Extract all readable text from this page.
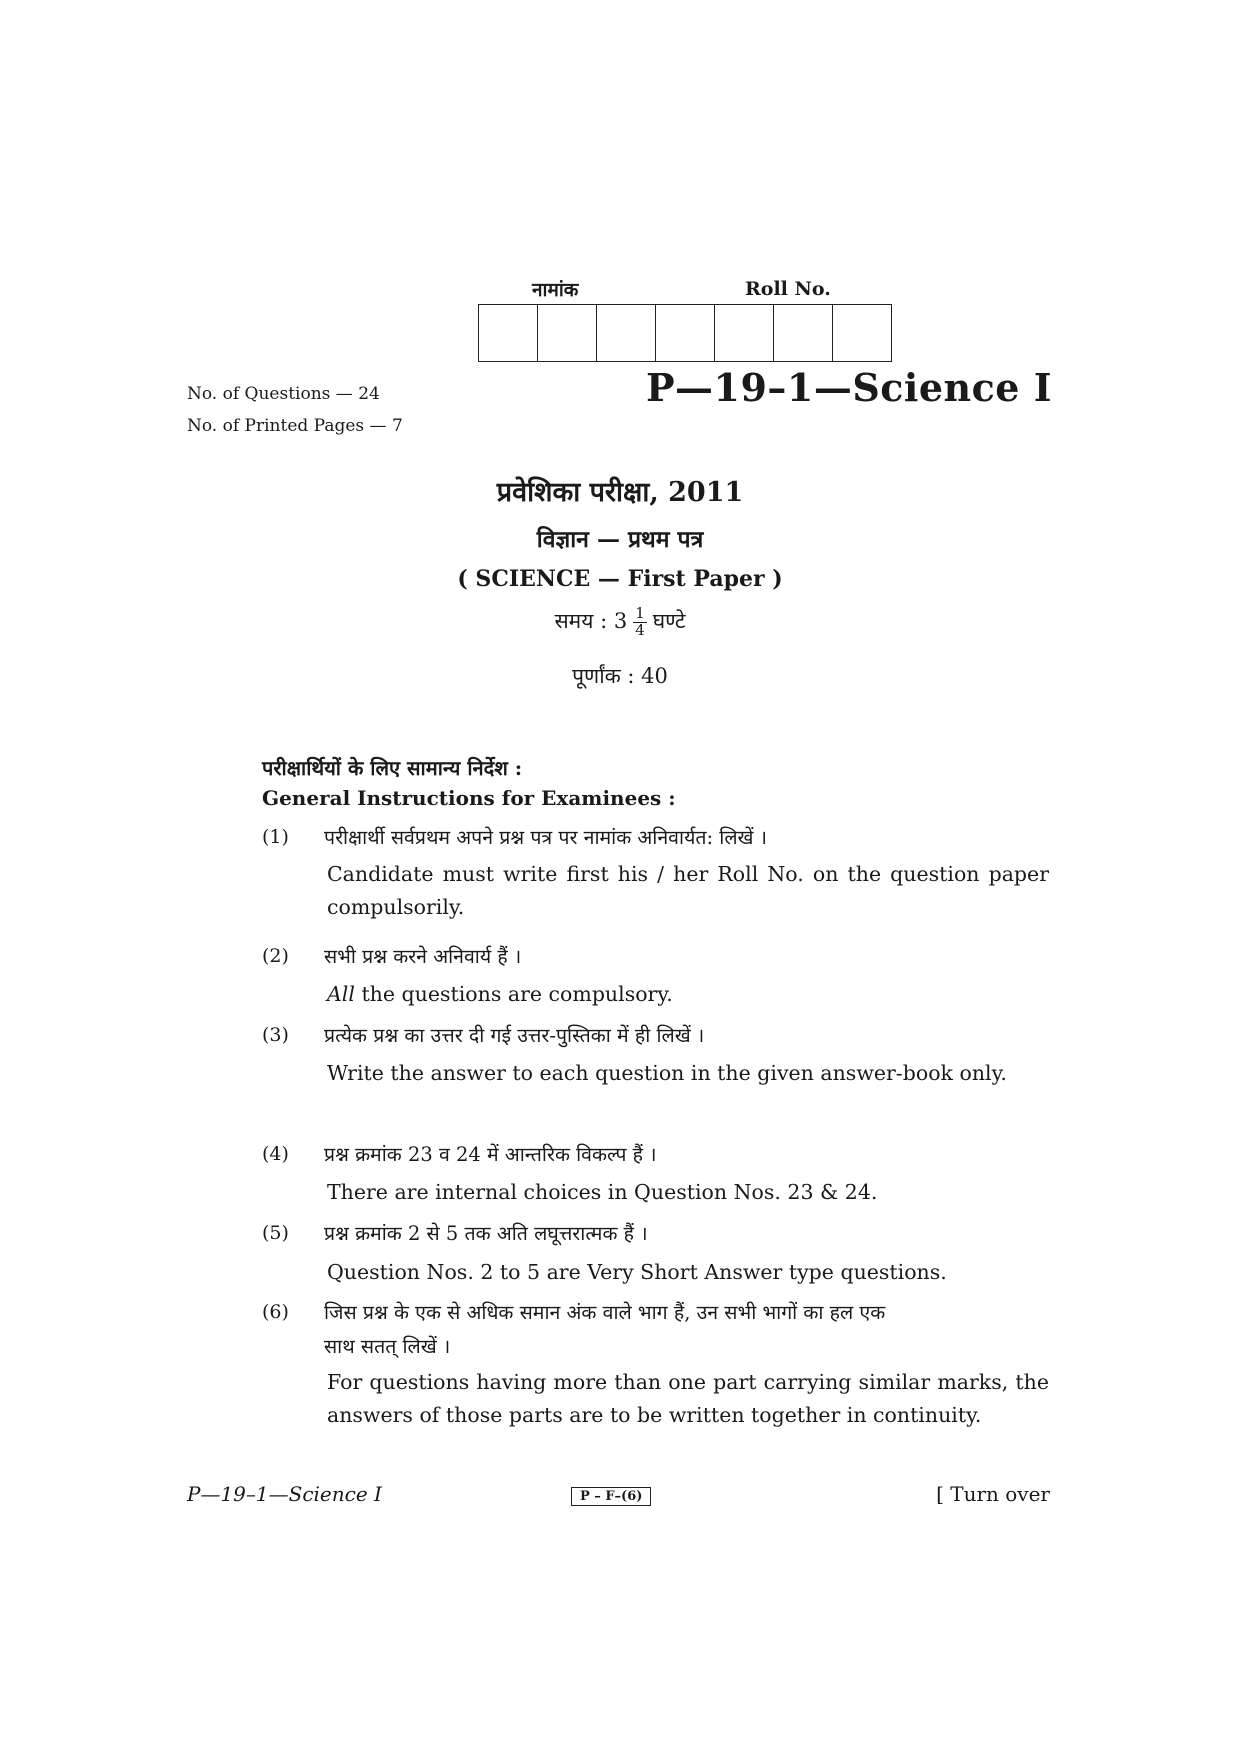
नामांक	Roll No.
No. of Questions — 24
No. of Printed Pages — 7
P—19–1—Science I
प्रवेशिका परीक्षा, 2011
विज्ञान — प्रथम पत्र
( SCIENCE — First Paper )
समय : $3 \frac{1}{4}$ घण्टे
पूर्णांक : 40
परीक्षार्थियों के लिए सामान्य निर्देश :
General Instructions for Examinees :
(1) परीक्षार्थी सर्वप्रथम अपने प्रश्न पत्र पर नामांक अनिवार्यत: लिखें ।
Candidate must write first his / her Roll No. on the question paper compulsorily.
(2) सभी प्रश्न करने अनिवार्य हैं ।
All the questions are compulsory.
(3) प्रत्येक प्रश्न का उत्तर दी गई उत्तर-पुस्तिका में ही लिखें ।
Write the answer to each question in the given answer-book only.
(4) प्रश्न क्रमांक 23 व 24 में आन्तरिक विकल्प हैं ।
There are internal choices in Question Nos. 23 & 24.
(5) प्रश्न क्रमांक 2 से 5 तक अति लघूत्तरात्मक हैं ।
Question Nos. 2 to 5 are Very Short Answer type questions.
(6) जिस प्रश्न के एक से अधिक समान अंक वाले भाग हैं, उन सभी भागों का हल एक
साथ सतत् लिखें ।
For questions having more than one part carrying similar marks, the answers of those parts are to be written together in continuity.
P—19–1—Science I	P – F–(6)	[ Turn over
